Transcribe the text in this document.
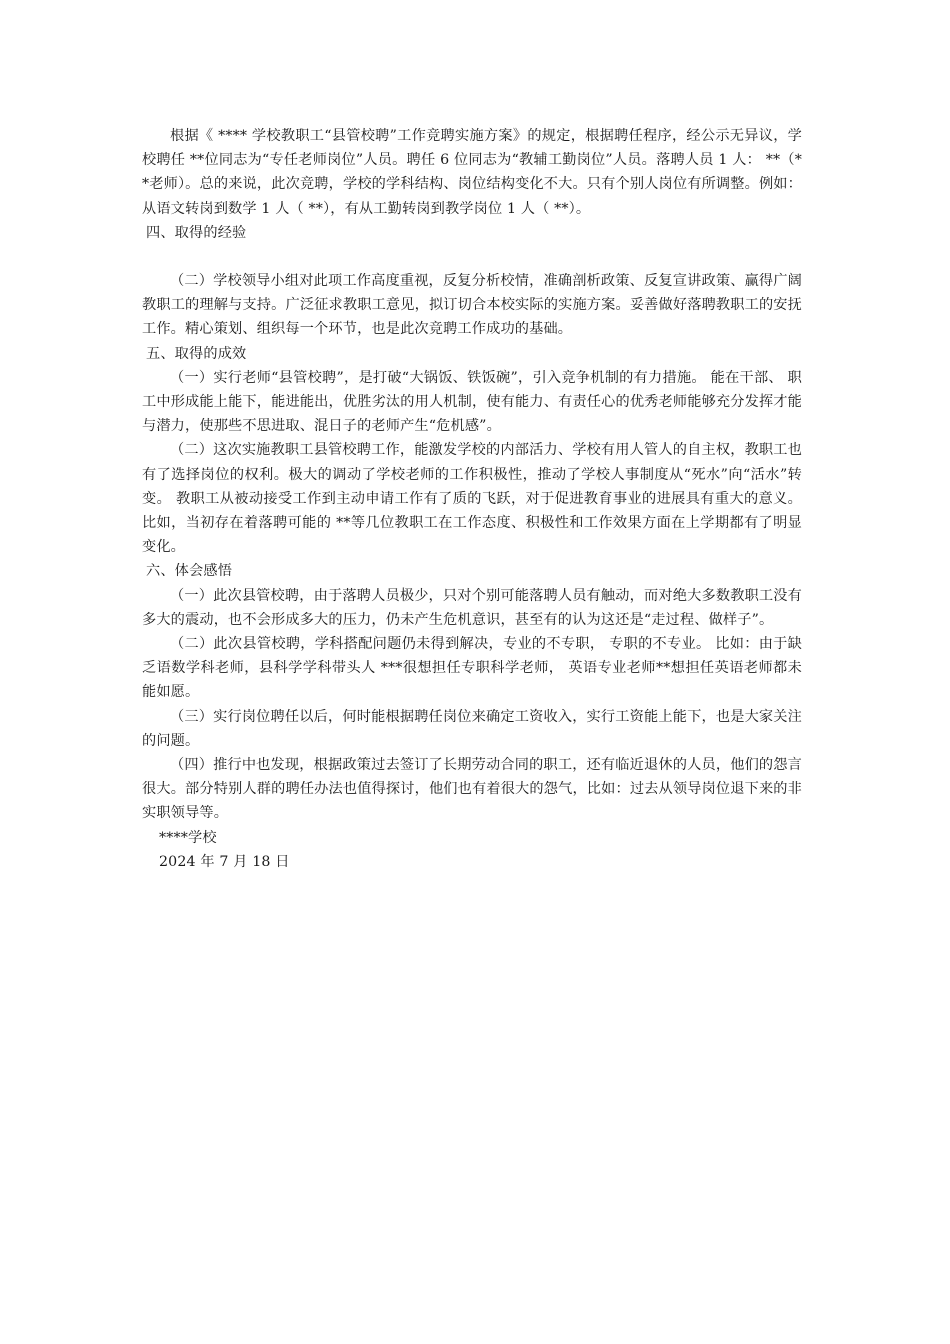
根据《 **** 学校教职工“县管校聘”工作竞聘实施方案》的规定，根据聘任程序，经公示无异议，学校聘任 **位同志为“专任老师岗位”人员。聘任 6 位同志为“教辅工勤岗位”人员。落聘人员 1 人： **（**老师）。总的来说，此次竞聘，学校的学科结构、岗位结构变化不大。只有个别人岗位有所调整。例如：从语文转岗到数学 1 人（ **），有从工勤转岗到教学岗位 1 人（ **）。

四、取得的经验

（二）学校领导小组对此项工作高度重视，反复分析校情，准确剖析政策、反复宣讲政策、赢得广阔教职工的理解与支持。广泛征求教职工意见，拟订切合本校实际的实施方案。妥善做好落聘教职工的安抚工作。精心策划、组织每一个环节，也是此次竞聘工作成功的基础。

五、取得的成效

（一）实行老师“县管校聘”，是打破“大锅饭、铁饭碗”，引入竞争机制的有力措施。 能在干部、 职工中形成能上能下，能进能出，优胜劣汰的用人机制，使有能力、有责任心的优秀老师能够充分发挥才能与潜力，使那些不思进取、混日子的老师产生“危机感”。

（二）这次实施教职工县管校聘工作，能激发学校的内部活力、学校有用人管人的自主权，教职工也有了选择岗位的权利。极大的调动了学校老师的工作积极性，推动了学校人事制度从“死水”向“活水”转变。 教职工从被动接受工作到主动申请工作有了质的飞跃，对于促进教育事业的进展具有重大的意义。比如，当初存在着落聘可能的 **等几位教职工在工作态度、积极性和工作效果方面在上学期都有了明显变化。

六、体会感悟

（一）此次县管校聘，由于落聘人员极少，只对个别可能落聘人员有触动，而对绝大多数教职工没有多大的震动，也不会形成多大的压力，仍未产生危机意识，甚至有的认为这还是“走过程、做样子”。

（二）此次县管校聘，学科搭配问题仍未得到解决，专业的不专职， 专职的不专业。 比如：由于缺乏语数学科老师，县科学学科带头人 ***很想担任专职科学老师， 英语专业老师**想担任英语老师都未能如愿。

（三）实行岗位聘任以后，何时能根据聘任岗位来确定工资收入，实行工资能上能下，也是大家关注的问题。

（四）推行中也发现，根据政策过去签订了长期劳动合同的职工，还有临近退休的人员，他们的怨言很大。部分特别人群的聘任办法也值得探讨，他们也有着很大的怨气，比如：过去从领导岗位退下来的非实职领导等。

****学校

2024 年 7 月 18 日
